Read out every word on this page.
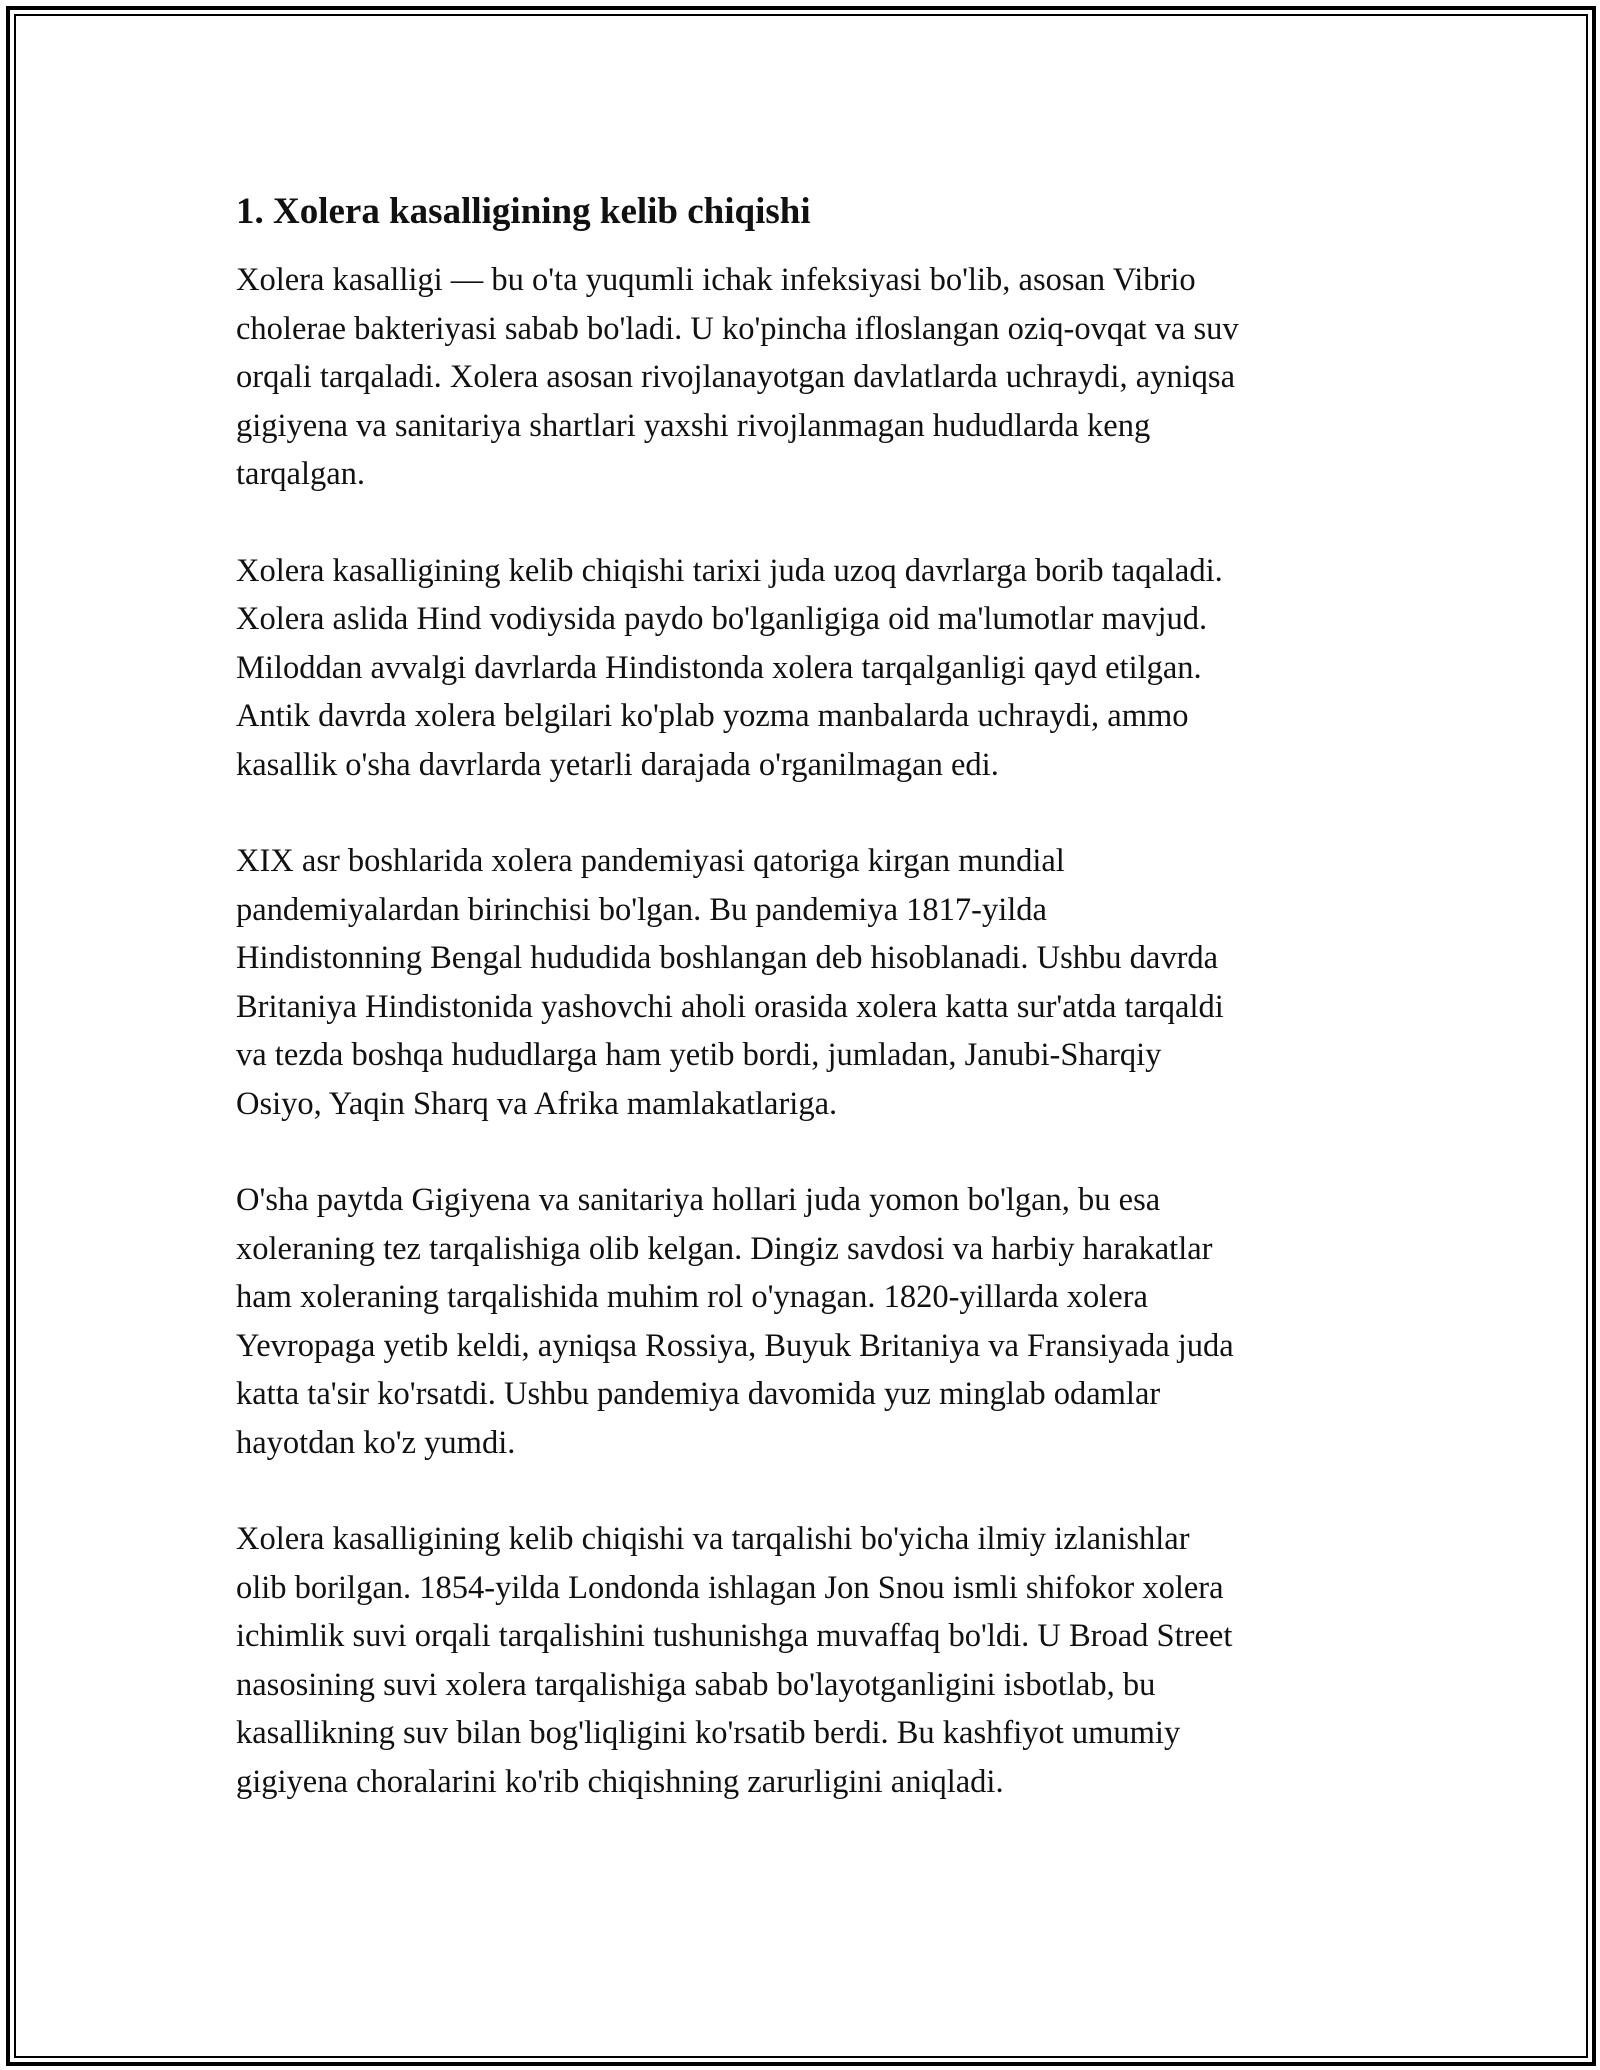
1. Xolera kasalligining kelib chiqishi

Xolera kasalligi — bu o'ta yuqumli ichak infeksiyasi bo'lib, asosan Vibrio
cholerae bakteriyasi sabab bo'ladi. U ko'pincha ifloslangan oziq-ovqat va suv
orqali tarqaladi. Xolera asosan rivojlanayotgan davlatlarda uchraydi, ayniqsa
gigiyena va sanitariya shartlari yaxshi rivojlanmagan hududlarda keng
tarqalgan.

Xolera kasalligining kelib chiqishi tarixi juda uzoq davrlarga borib taqaladi.
Xolera aslida Hind vodiysida paydo bo'lganligiga oid ma'lumotlar mavjud.
Miloddan avvalgi davrlarda Hindistonda xolera tarqalganligi qayd etilgan.
Antik davrda xolera belgilari ko'plab yozma manbalarda uchraydi, ammo
kasallik o'sha davrlarda yetarli darajada o'rganilmagan edi.

XIX asr boshlarida xolera pandemiyasi qatoriga kirgan mundial
pandemiyalardan birinchisi bo'lgan. Bu pandemiya 1817-yilda
Hindistonning Bengal hududida boshlangan deb hisoblanadi. Ushbu davrda
Britaniya Hindistonida yashovchi aholi orasida xolera katta sur'atda tarqaldi
va tezda boshqa hududlarga ham yetib bordi, jumladan, Janubi-Sharqiy
Osiyo, Yaqin Sharq va Afrika mamlakatlariga.

O'sha paytda Gigiyena va sanitariya hollari juda yomon bo'lgan, bu esa
xoleraning tez tarqalishiga olib kelgan. Dingiz savdosi va harbiy harakatlar
ham xoleraning tarqalishida muhim rol o'ynagan. 1820-yillarda xolera
Yevropaga yetib keldi, ayniqsa Rossiya, Buyuk Britaniya va Fransiyada juda
katta ta'sir ko'rsatdi. Ushbu pandemiya davomida yuz minglab odamlar
hayotdan ko'z yumdi.

Xolera kasalligining kelib chiqishi va tarqalishi bo'yicha ilmiy izlanishlar
olib borilgan. 1854-yilda Londonda ishlagan Jon Snou ismli shifokor xolera
ichimlik suvi orqali tarqalishini tushunishga muvaffaq bo'ldi. U Broad Street
nasosining suvi xolera tarqalishiga sabab bo'layotganligini isbotlab, bu
kasallikning suv bilan bog'liqligini ko'rsatib berdi. Bu kashfiyot umumiy
gigiyena choralarini ko'rib chiqishning zarurligini aniqladi.
